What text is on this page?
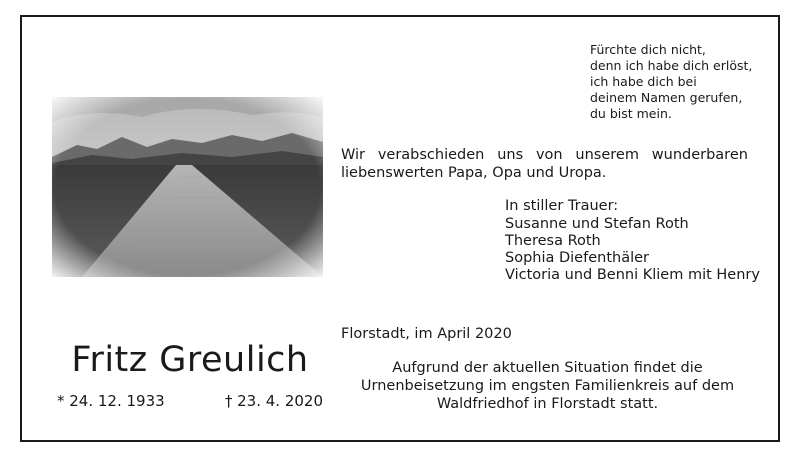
Fürchte dich nicht,
denn ich habe dich erlöst,
ich habe dich bei
deinem Namen gerufen,
du bist mein.
Wir verabschieden uns von unserem wunderbaren
liebenswerten Papa, Opa und Uropa.
In stiller Trauer:
Susanne und Stefan Roth
Theresa Roth
Sophia Diefenthäler
Victoria und Benni Kliem mit Henry
Florstadt, im April 2020
Aufgrund der aktuellen Situation findet die
Urnenbeisetzung im engsten Familienkreis auf dem
Waldfriedhof in Florstadt statt.
Fritz Greulich
* 24. 12. 1933	† 23. 4. 2020
